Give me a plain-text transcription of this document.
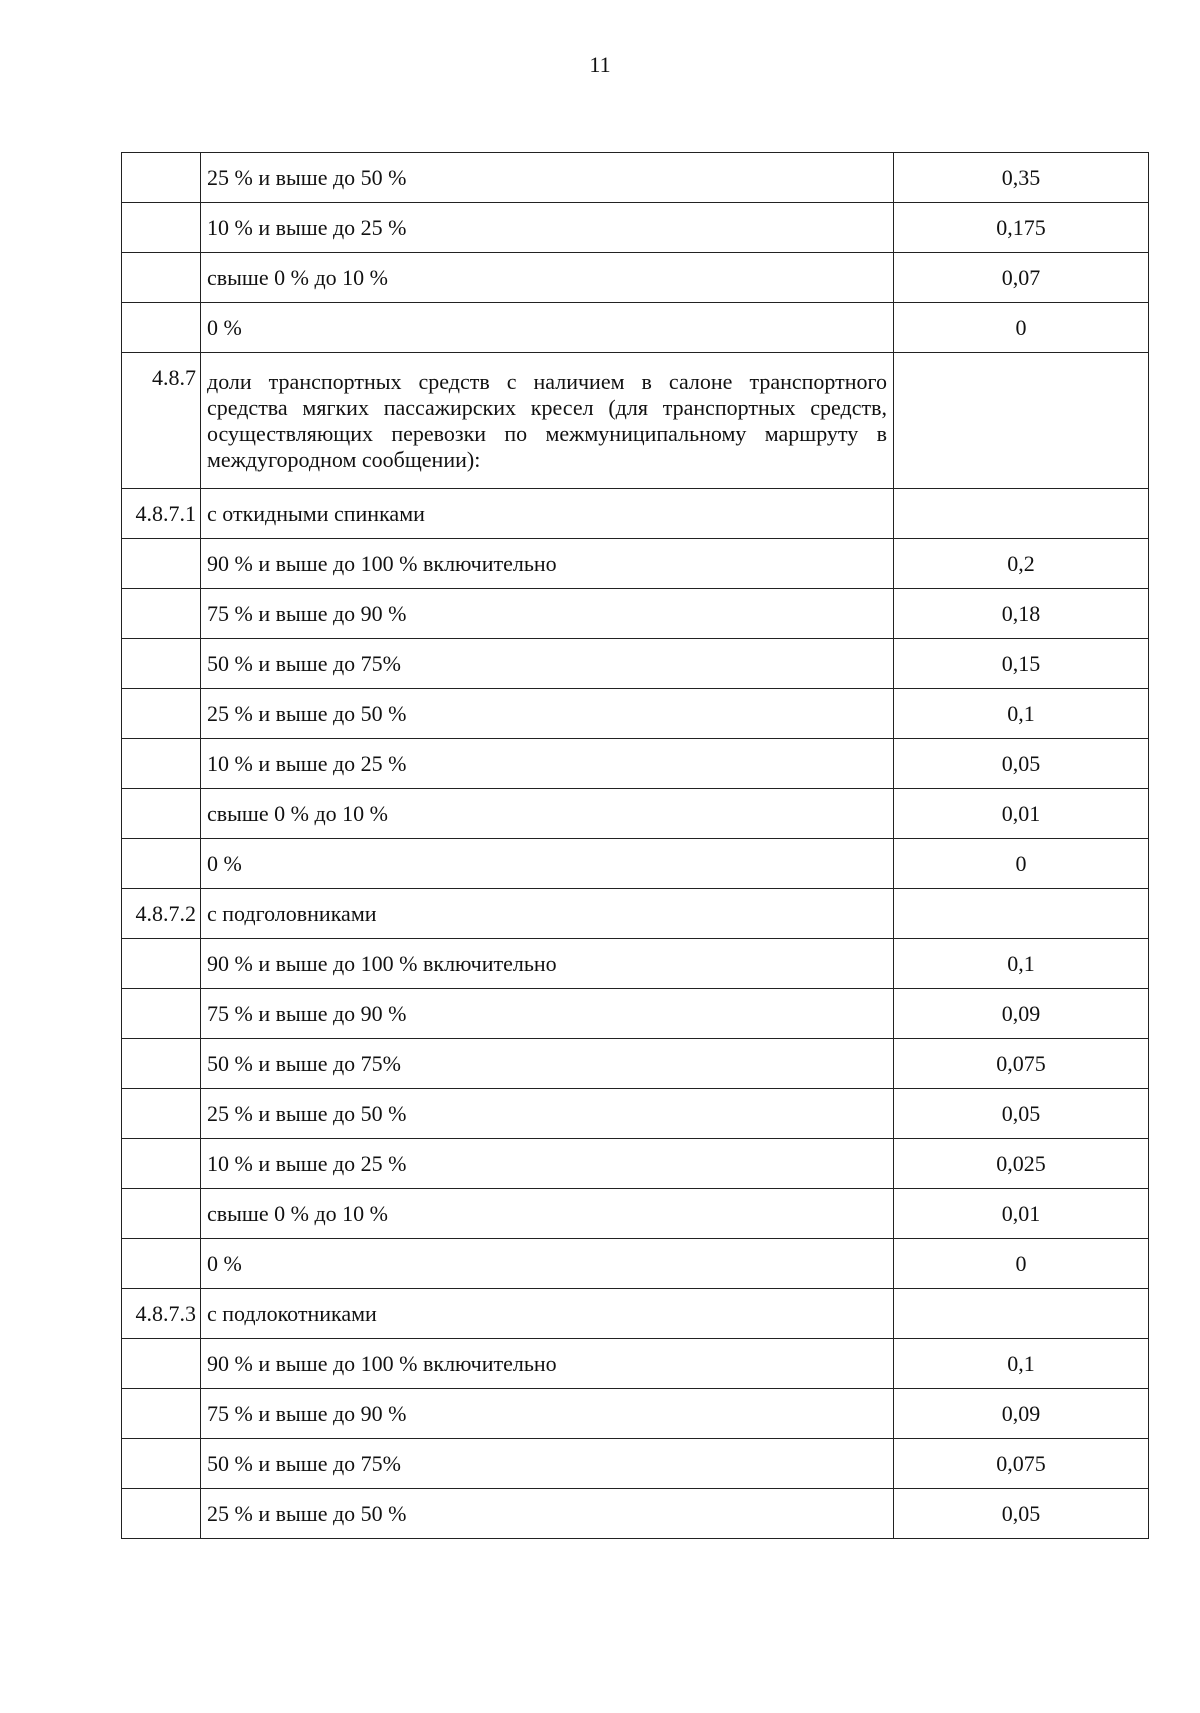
11
	25 % и выше до 50 %	0,35
	10 % и выше до 25 %	0,175
	свыше 0 % до 10 %	0,07
	0 %	0
4.8.7	доли транспортных средств с наличием в салоне транспортного средства мягких пассажирских кресел (для транспортных средств, осуществляющих перевозки по межмуниципальному маршруту в междугородном сообщении):	
4.8.7.1	с откидными спинками	
	90 % и выше до 100 % включительно	0,2
	75 % и выше до 90 %	0,18
	50 % и выше до 75%	0,15
	25 % и выше до 50 %	0,1
	10 % и выше до 25 %	0,05
	свыше 0 % до 10 %	0,01
	0 %	0
4.8.7.2	с подголовниками	
	90 % и выше до 100 % включительно	0,1
	75 % и выше до 90 %	0,09
	50 % и выше до 75%	0,075
	25 % и выше до 50 %	0,05
	10 % и выше до 25 %	0,025
	свыше 0 % до 10 %	0,01
	0 %	0
4.8.7.3	с подлокотниками	
	90 % и выше до 100 % включительно	0,1
	75 % и выше до 90 %	0,09
	50 % и выше до 75%	0,075
	25 % и выше до 50 %	0,05
